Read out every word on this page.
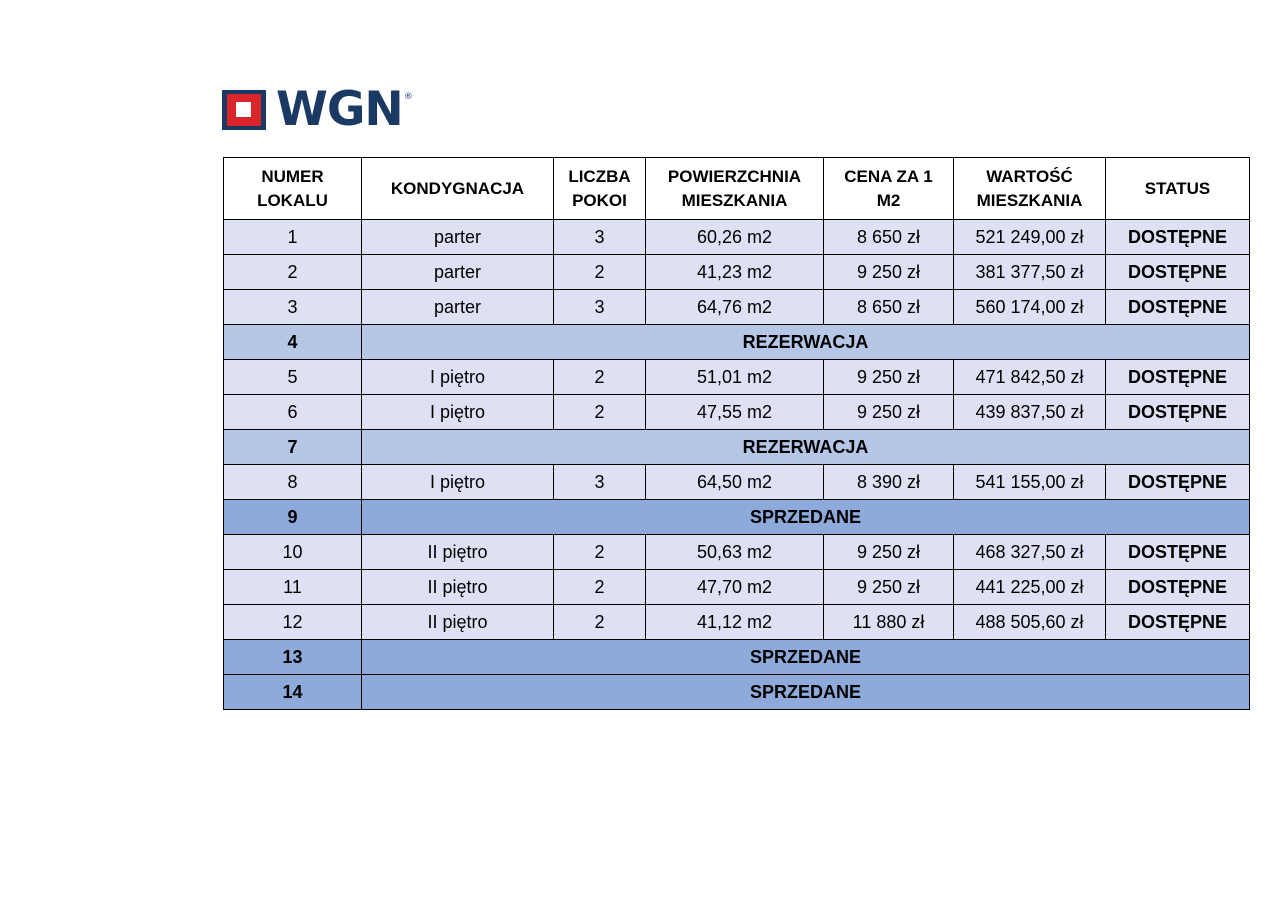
WGN ®
NUMER LOKALU	KONDYGNACJA	LICZBA POKOI	POWIERZCHNIA MIESZKANIA	CENA ZA 1 M2	WARTOŚĆ MIESZKANIA	STATUS
1	parter	3	60,26 m2	8 650 zł	521 249,00 zł	DOSTĘPNE
2	parter	2	41,23 m2	9 250 zł	381 377,50 zł	DOSTĘPNE
3	parter	3	64,76 m2	8 650 zł	560 174,00 zł	DOSTĘPNE
4	REZERWACJA					
5	I piętro	2	51,01 m2	9 250 zł	471 842,50 zł	DOSTĘPNE
6	I piętro	2	47,55 m2	9 250 zł	439 837,50 zł	DOSTĘPNE
7	REZERWACJA					
8	I piętro	3	64,50 m2	8 390 zł	541 155,00 zł	DOSTĘPNE
9	SPRZEDANE					
10	II piętro	2	50,63 m2	9 250 zł	468 327,50 zł	DOSTĘPNE
11	II piętro	2	47,70 m2	9 250 zł	441 225,00 zł	DOSTĘPNE
12	II piętro	2	41,12 m2	11 880 zł	488 505,60 zł	DOSTĘPNE
13	SPRZEDANE					
14	SPRZEDANE					
